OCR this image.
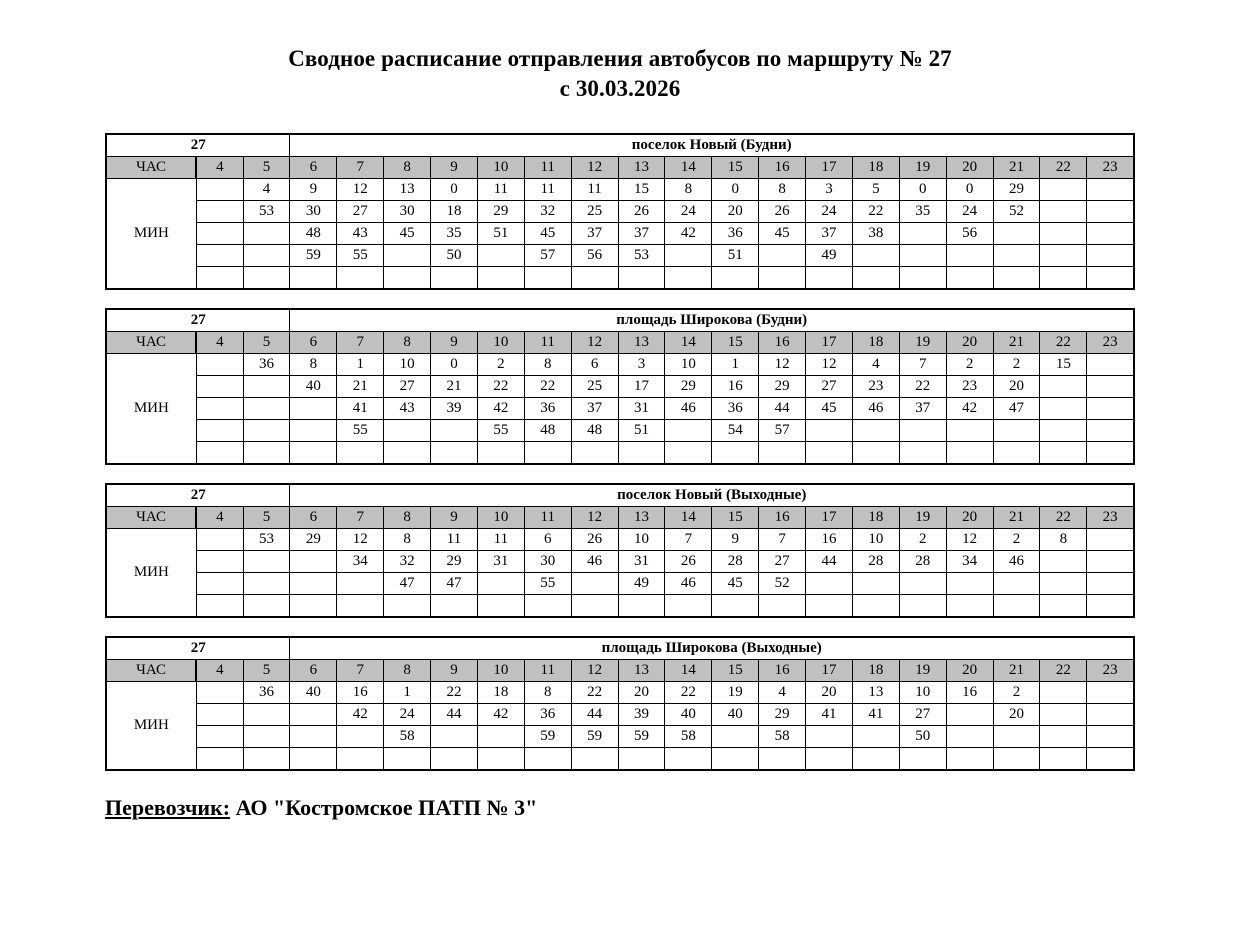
Сводное расписание отправления автобусов по маршруту № 27
с 30.03.2026
27			поселок Новый (Будни)																	
ЧАС	4	5	6	7	8	9	10	11	12	13	14	15	16	17	18	19	20	21	22	23
МИН		4	9	12	13	0	11	11	11	15	8	0	8	3	5	0	0	29		
		53	30	27	30	18	29	32	25	26	24	20	26	24	22	35	24	52		
			48	43	45	35	51	45	37	37	42	36	45	37	38		56			
			59	55		50		57	56	53		51		49						

27			площадь Широкова (Будни)																	
ЧАС	4	5	6	7	8	9	10	11	12	13	14	15	16	17	18	19	20	21	22	23
МИН		36	8	1	10	0	2	8	6	3	10	1	12	12	4	7	2	2	15	
			40	21	27	21	22	22	25	17	29	16	29	27	23	22	23	20		
				41	43	39	42	36	37	31	46	36	44	45	46	37	42	47		
				55			55	48	48	51		54	57							

27			поселок Новый (Выходные)																	
ЧАС	4	5	6	7	8	9	10	11	12	13	14	15	16	17	18	19	20	21	22	23
МИН		53	29	12	8	11	11	6	26	10	7	9	7	16	10	2	12	2	8	
				34	32	29	31	30	46	31	26	28	27	44	28	28	34	46		
					47	47		55		49	46	45	52							

27			площадь Широкова (Выходные)																	
ЧАС	4	5	6	7	8	9	10	11	12	13	14	15	16	17	18	19	20	21	22	23
МИН		36	40	16	1	22	18	8	22	20	22	19	4	20	13	10	16	2		
				42	24	44	42	36	44	39	40	40	29	41	41	27		20		
					58			59	59	59	58		58			50				

Перевозчик: АО "Костромское ПАТП № 3"
